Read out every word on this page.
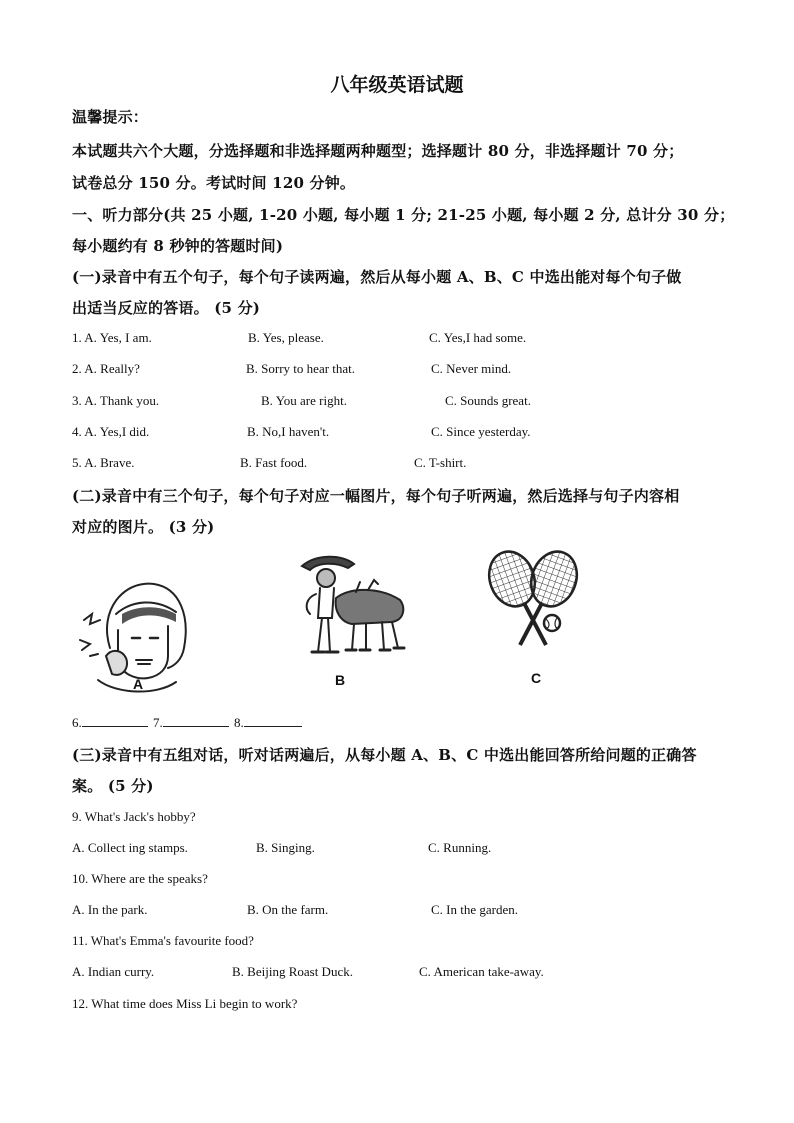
八年级英语试题
温馨提示：
本试题共六个大题，分选择题和非选择题两种题型；选择题计 80 分，非选择题计 70 分；
试卷总分 150 分。考试时间 120 分钟。
一、听力部分(共 25 小题, 1-20 小题, 每小题 1 分; 21-25 小题, 每小题 2 分, 总计分 30 分；
每小题约有 8 秒钟的答题时间)
(一)录音中有五个句子，每个句子读两遍，然后从每小题 A、B、C 中选出能对每个句子做
出适当反应的答语。 (5 分)
1. A. Yes, I am.	B. Yes, please.	C. Yes,I had some.
2. A. Really?	B. Sorry to hear that.	C. Never mind.
3. A. Thank you.	B. You are right.	C. Sounds great.
4. A. Yes,I did.	B. No,I haven't.	C. Since yesterday.
5. A. Brave.	B. Fast food.	C. T-shirt.
(二)录音中有三个句子，每个句子对应一幅图片，每个句子听两遍，然后选择与句子内容相
对应的图片。 (3 分)
A	B	C
6.	7.	8.
(三)录音中有五组对话，听对话两遍后，从每小题 A、B、C 中选出能回答所给问题的正确答
案。 (5 分)
9. What's Jack's hobby?
A. Collect ing stamps.	B. Singing.	C. Running.
10. Where are the speaks?
A. In the park.	B. On the farm.	C. In the garden.
11. What's Emma's favourite food?
A. Indian curry.	B. Beijing Roast Duck.	C. American take-away.
12. What time does Miss Li begin to work?
